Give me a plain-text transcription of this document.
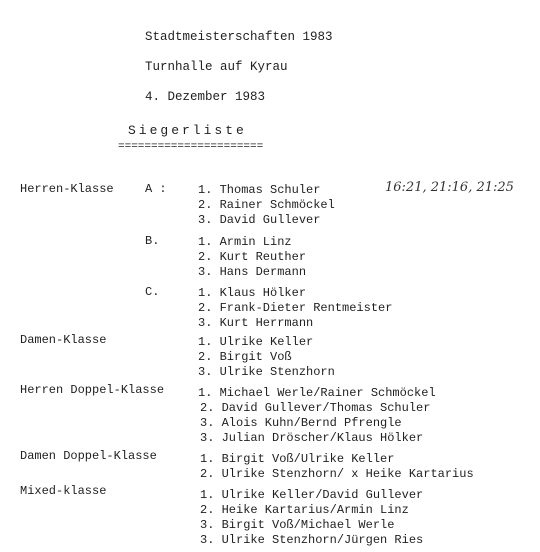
Stadtmeisterschaften 1983
Turnhalle auf Kyrau
4. Dezember 1983
Siegerliste
======================
Herren-Klasse	A :	1. Thomas Schuler
2. Rainer Schmöckel
3. David Gullever
16:21, 21:16, 21:25
B.	1. Armin Linz
2. Kurt Reuther
3. Hans Dermann
C.	1. Klaus Hölker
2. Frank-Dieter Rentmeister
3. Kurt Herrmann
Damen-Klasse	1. Ulrike Keller
2. Birgit Voß
3. Ulrike Stenzhorn
Herren Doppel-Klasse	1. Michael Werle/Rainer Schmöckel
2. David Gullever/Thomas Schuler
3. Alois Kuhn/Bernd Pfrengle
3. Julian Dröscher/Klaus Hölker
Damen Doppel-Klasse	1. Birgit Voß/Ulrike Keller
2. Ulrike Stenzhorn/ x Heike Kartarius
Mixed-klasse	1. Ulrike Keller/David Gullever
2. Heike Kartarius/Armin Linz
3. Birgit Voß/Michael Werle
3. Ulrike Stenzhorn/Jürgen Ries
